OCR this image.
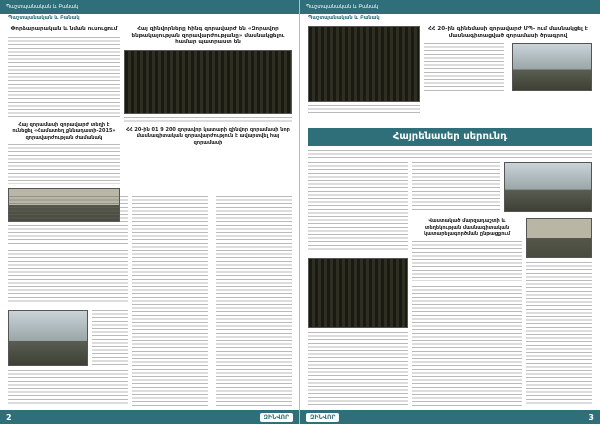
Պաշտպանական և Բանակ
Պաշտպանական և Բանակ
Փորձարարական և նման ուսուցում
Հայ զորամասի զորավարժ տեղի է ունեցել «Համատեղ քննադատի-2015» զորավարժության ժամանակ
Հայ զինվորները հինգ զորավարժ են «Զորավոր ենթակայության զորավարժությանը» մասնակցելու համար պատրաստ են
ՀՀ 20-ին 01 9 200 զորավոր կատարի զինվոր զորամասի նոր մասնագիտական զորավարժություն է ավարտվել հայ զորամասի
2	ԶԻՆՎՈՐ
Պաշտպանական և Բանակ
Պաշտպանական և Բանակ
ՀՀ 20-ին գինեմասի զորավարժ ՄՊ- ում մասնակցել է մասնագիտացված զորամասի ծրագրով
Հայրենասեր սերունդ
Վաստակած մարզադաշտի և տեղեկության մասնագիտական կատարելագործման ընթացքում
ԶԻՆՎՈՐ	3
